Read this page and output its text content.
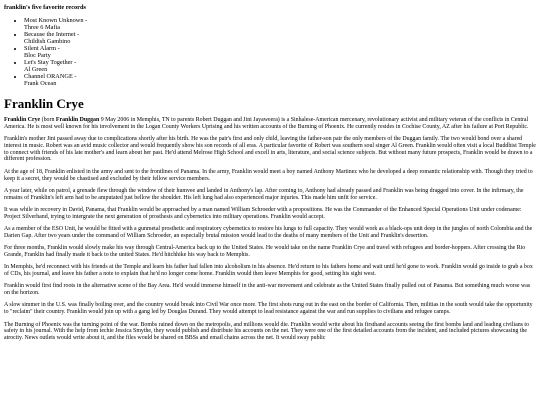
franklin's five favorite records
• Most Known Unknown -
Three 6 Mafia
• Because the Internet -
Childish Gambino
• Silent Alarm -
Bloc Party
• Let's Stay Together -
Al Green
• Channel ORANGE -
Frank Ocean
Franklin Crye

Franklin Crye (born Franklin Duggan 9 May 2006 in Memphis, TN to parents Robert Duggan and Jini Jayaweera) is a Sinhalese-American mercenary, revolutionary activist and military veteran of the conflicts in Central America. He is most well known for his involvement in the Logan County Workers Uprising and his written accounts of the Burning of Phoenix. He currently resides in Cochise County, AZ after his failure at Port Republic.

Franklin's mother Jini passed away due to complications shortly after his birth. He was the pair's first and only child, leaving the father-son pair the only members of the Duggan family. The two would bond over a shared interest in music. Robert was an avid music collector and would frequently show his son records of all eras. A particular favorite of Robert was southern soul singer Al Green. Franklin would often visit a local Buddhist Temple to connect with friends of his late mother's and learn about her past. He'd attend Melrose High School and excell in arts, literature, and social science subjects. But without many future prospects, Franklin would be drawn to a different profession.

At the age of 18, Franklin enlisted in the army and sent to the frontlines of Panama. In the army, Franklin would meet a boy named Anthony Martinez who he developed a deep romantic relationship with. Though they tried to keep it a secret, they would be chastised and excluded by their fellow service members.

A year later, while on patrol, a grenade flew through the window of their humvee and landed in Anthony's lap. After coming to, Anthony had already passed and Franklin was being dragged into cover. In the infirmary, the remains of Franklin's left arm had to be amputated just bellow the shoulder. His left lung had also experienced major injuries. This made him unfit for service.

It was while in recovery in David, Panama, that Franklin would be approached by a man named William Schroeder with a propositions. He was the Commander of the Enhanced Special Operations Unit under codename: Project Silverhand, trying to intergrate the next generation of prosthesis and cybernetics into military operations. Franklin would accept.

As a member of the ESO Unit, he would be fitted with a gunmetal prosthetic and respiratory cybernetics to restore his lungs to full capacity. They would work as a black-ops unit deep in the jungles of north Colombia and the Darien Gap. After two years under the command of William Schroeder, an especially brutal mission would lead to the deaths of many members of the Unit and Franklin's desertion.

For three months, Franklin would slowly make his way through Central-America back up to the United States. He would take on the name Franklin Crye and travel with refugees and border-hoppers. After crossing the Rio Grande, Franklin had finally made it back to the united States. He'd hitchhike his way back to Memphis.

In Memphis, he'd reconnect with his friends at the Temple and learn his father had fallen into alcoholism in his absence. He'd return to his fathers home and wait until he'd gone to work. Franklin would go inside to grab a box of CDs, his journal, and leave his father a note to explain that he'd no longer come home. Franklin would then leave Memphis for good, setting his sight west.

Franklin would first find roots in the alternative scene of the Bay Area. He'd would immerse himself in the anti-war movement and celebrate as the United States finally pulled out of Panama. But something much worse was on the horizon.

A slow simmer in the U.S. was finally boiling over, and the country would break into Civil War once more. The first shots rung out in the east on the border of California. Then, militias in the south would take the opportunity to "reclaim" their country. Franklin would join up with a gang led by Douglas Durand. They would attempt to lead resistance against the war and run supplies to civilians and refugee camps.

The Burning of Phoenix was the turning point of the war. Bombs rained down on the metropolis, and millions would die. Franklin would write about his firsthand accounts seeing the first bombs land and leading civilians to safety in his journal. With the help from techie Jessica Smythe, they would publish and distribute his accounts on the net. They were one of the first detailed accounts from the incident, and included pictures showcasing the atrocity. News outlets would write about it, and the files would be shared on BBSs and email chains across the net. It would sway public
